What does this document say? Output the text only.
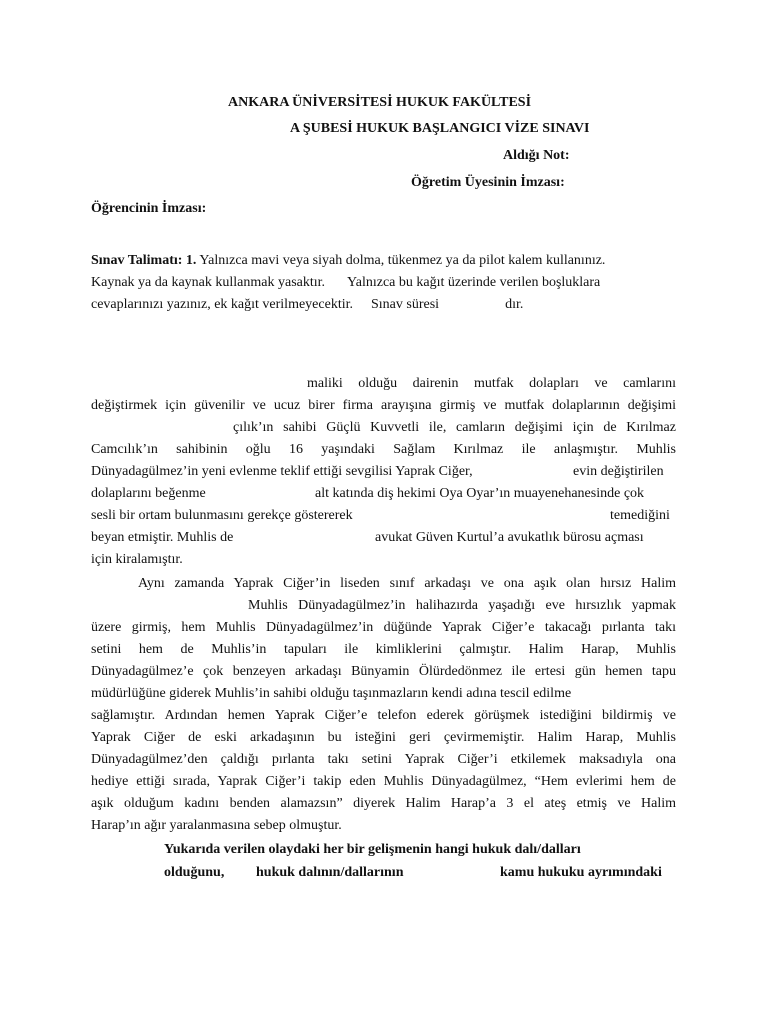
ANKARA ÜNİVERSİTESİ HUKUK FAKÜLTESİ
A ŞUBESİ HUKUK BAŞLANGICI VİZE SINAVI
Aldığı Not:
Öğretim Üyesinin İmzası:
Öğrencinin İmzası:
Sınav Talimatı: 1. Yalnızca mavi veya siyah dolma, tükenmez ya da pilot kalem kullanınız.
Kaynak ya da kaynak kullanmak yasaktır. Yalnızca bu kağıt üzerinde verilen boşluklara
cevaplarınızı yazınız, ek kağıt verilmeyecektir. Sınav süresi	dır.
maliki olduğu dairenin mutfak dolapları ve camlarını
değiştirmek için güvenilir ve ucuz birer firma arayışına girmiş ve mutfak dolaplarının değişimi
çılık’ın sahibi Güçlü Kuvvetli ile, camların değişimi için de Kırılmaz
Camcılık’ın sahibinin oğlu 16 yaşındaki Sağlam Kırılmaz ile anlaşmıştır. Muhlis
Dünyadagülmez’in yeni evlenme teklif ettiği sevgilisi Yaprak Ciğer,	evin değiştirilen
dolaplarını beğenme	alt katında diş hekimi Oya Oyar’ın muayenehanesinde çok
sesli bir ortam bulunmasını gerekçe göstererek	temediğini
beyan etmiştir. Muhlis de	avukat Güven Kurtul’a avukatlık bürosu açması
için kiralamıştır.
Aynı zamanda Yaprak Ciğer’in liseden sınıf arkadaşı ve ona aşık olan hırsız Halim
Muhlis Dünyadagülmez’in halihazırda yaşadığı eve hırsızlık yapmak
üzere girmiş, hem Muhlis Dünyadagülmez’in düğünde Yaprak Ciğer’e takacağı pırlanta takı
setini hem de Muhlis’in tapuları ile kimliklerini çalmıştır. Halim Harap, Muhlis
Dünyadagülmez’e çok benzeyen arkadaşı Bünyamin Ölürdedönmez ile ertesi gün hemen tapu
müdürlüğüne giderek Muhlis’in sahibi olduğu taşınmazların kendi adına tescil edilme
sağlamıştır. Ardından hemen Yaprak Ciğer’e telefon ederek görüşmek istediğini bildirmiş ve
Yaprak Ciğer de eski arkadaşının bu isteğini geri çevirmemiştir. Halim Harap, Muhlis
Dünyadagülmez’den çaldığı pırlanta takı setini Yaprak Ciğer’i etkilemek maksadıyla ona
hediye ettiği sırada, Yaprak Ciğer’i takip eden Muhlis Dünyadagülmez, “Hem evlerimi hem de
aşık olduğum kadını benden alamazsın” diyerek Halim Harap’a 3 el ateş etmiş ve Halim
Harap’ın ağır yaralanmasına sebep olmuştur.
Yukarıda verilen olaydaki her bir gelişmenin hangi hukuk dalı/dalları
olduğunu, hukuk dalının/dallarının	kamu hukuku ayrımındaki
